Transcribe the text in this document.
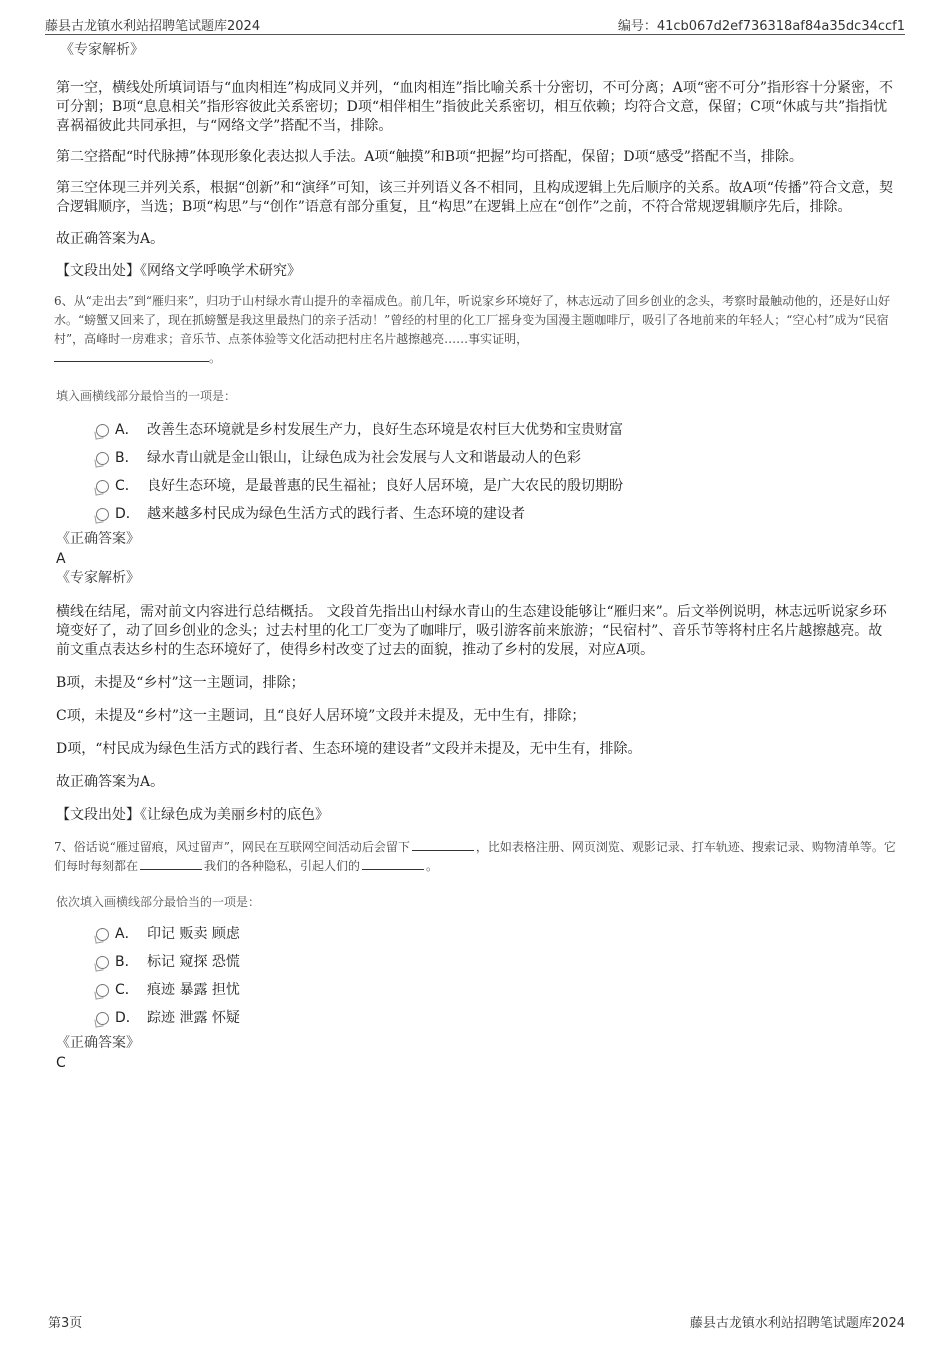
藤县古龙镇水利站招聘笔试题库2024	编号：41cb067d2ef736318af84a35dc34ccf1
《专家解析》

第一空，横线处所填词语与“血肉相连”构成同义并列，“血肉相连”指比喻关系十分密切，不可分离；A项“密不可分”指形容十分紧密，不可分割；B项“息息相关”指形容彼此关系密切；D项“相伴相生”指彼此关系密切，相互依赖；均符合文意，保留；C项“休戚与共”指指忧喜祸福彼此共同承担，与“网络文学”搭配不当，排除。

第二空搭配“时代脉搏”体现形象化表达拟人手法。A项“触摸”和B项“把握”均可搭配，保留；D项“感受”搭配不当，排除。

第三空体现三并列关系，根据“创新”和“演绎”可知，该三并列语义各不相同，且构成逻辑上先后顺序的关系。故A项“传播”符合文意，契合逻辑顺序，当选；B项“构思”与“创作”语意有部分重复，且“构思”在逻辑上应在“创作”之前，不符合常规逻辑顺序先后，排除。

故正确答案为A。

【文段出处】《网络文学呼唤学术研究》

6、从“走出去”到“雁归来”，归功于山村绿水青山提升的幸福成色。前几年，听说家乡环境好了，林志远动了回乡创业的念头，考察时最触动他的，还是好山好水。“螃蟹又回来了，现在抓螃蟹是我这里最热门的亲子活动！”曾经的村里的化工厂摇身变为国漫主题咖啡厅，吸引了各地前来的年轻人；“空心村”成为“民宿村”，高峰时一房难求；音乐节、点茶体验等文化活动把村庄名片越擦越亮……事实证明，
。

填入画横线部分最恰当的一项是：

A． 改善生态环境就是乡村发展生产力，良好生态环境是农村巨大优势和宝贵财富
B． 绿水青山就是金山银山，让绿色成为社会发展与人文和谐最动人的色彩
C． 良好生态环境，是最普惠的民生福祉；良好人居环境，是广大农民的殷切期盼
D． 越来越多村民成为绿色生活方式的践行者、生态环境的建设者
《正确答案》

A

《专家解析》

横线在结尾，需对前文内容进行总结概括。 文段首先指出山村绿水青山的生态建设能够让“雁归来”。后文举例说明，林志远听说家乡环境变好了，动了回乡创业的念头；过去村里的化工厂变为了咖啡厅，吸引游客前来旅游；“民宿村”、音乐节等将村庄名片越擦越亮。故前文重点表达乡村的生态环境好了，使得乡村改变了过去的面貌，推动了乡村的发展，对应A项。

B项，未提及“乡村”这一主题词，排除；

C项，未提及“乡村”这一主题词，且“良好人居环境”文段并未提及，无中生有，排除；

D项，“村民成为绿色生活方式的践行者、生态环境的建设者”文段并未提及，无中生有，排除。

故正确答案为A。

【文段出处】《让绿色成为美丽乡村的底色》

7、俗话说“雁过留痕，风过留声”，网民在互联网空间活动后会留下	，比如表格注册、网页浏览、观影记录、打车轨迹、搜索记录、购物清单等。它们每时每刻都在	我们的各种隐私，引起人们的	。

依次填入画横线部分最恰当的一项是：

A． 印记 贩卖 顾虑
B． 标记 窥探 恐慌
C． 痕迹 暴露 担忧
D． 踪迹 泄露 怀疑
《正确答案》

C

第3页	藤县古龙镇水利站招聘笔试题库2024
